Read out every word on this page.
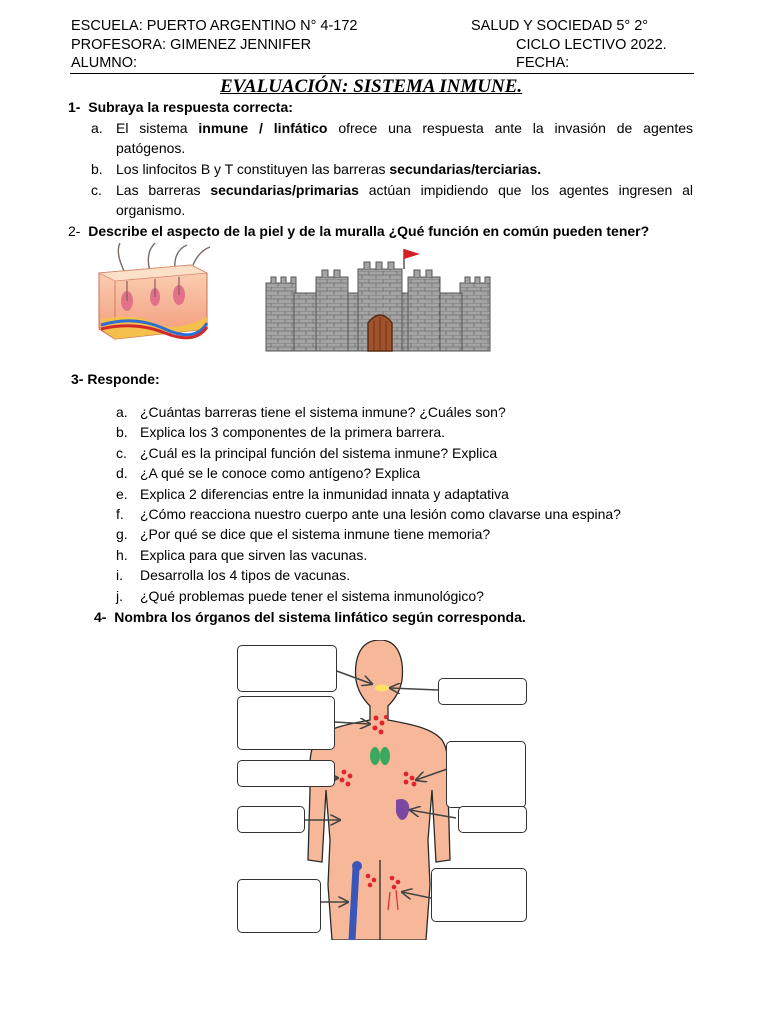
ESCUELA: PUERTO ARGENTINO N° 4-172	SALUD Y SOCIEDAD 5° 2°
PROFESORA: GIMENEZ JENNIFER	CICLO LECTIVO 2022.
ALUMNO:	FECHA:
EVALUACIÓN: SISTEMA INMUNE.
1- Subraya la respuesta correcta:
a. El sistema inmune / linfático ofrece una respuesta ante la invasión de agentes
patógenos.
b. Los linfocitos B y T constituyen las barreras secundarias/terciarias.
c.	Las barreras secundarias/primarias actúan impidiendo que los agentes ingresen al
organismo.
2- Describe el aspecto de la piel y de la muralla ¿Qué función en común pueden tener?
3- Responde:
a. ¿Cuántas barreras tiene el sistema inmune? ¿Cuáles son?
b. Explica los 3 componentes de la primera barrera.
c. ¿Cuál es la principal función del sistema inmune? Explica
d. ¿A qué se le conoce como antígeno? Explica
e. Explica 2 diferencias entre la inmunidad innata y adaptativa
f.	¿Cómo reacciona nuestro cuerpo ante una lesión como clavarse una espina?
g. ¿Por qué se dice que el sistema inmune tiene memoria?
h. Explica para que sirven las vacunas.
i.	Desarrolla los 4 tipos de vacunas.
j.	¿Qué problemas puede tener el sistema inmunológico?
4- Nombra los órganos del sistema linfático según corresponda.
